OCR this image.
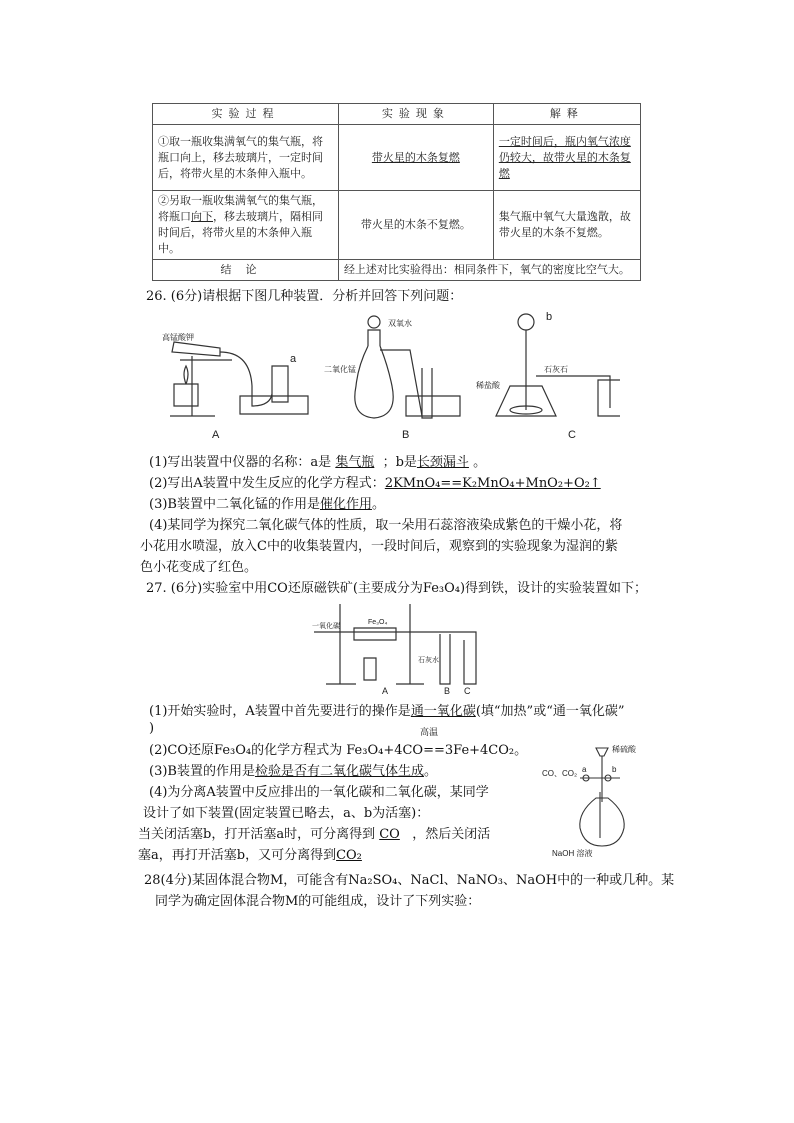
实验过程	实验现象	解释
①取一瓶收集满氧气的集气瓶，将瓶口向上，移去玻璃片，一定时间后，将带火星的木条伸入瓶中。	带火星的木条复燃	一定时间后，瓶内氧气浓度仍较大，故带火星的木条复燃
②另取一瓶收集满氧气的集气瓶，将瓶口向下，移去玻璃片，隔相同时间后，将带火星的木条伸入瓶中。	带火星的木条不复燃。	集气瓶中氧气大量逸散，故带火星的木条不复燃。
结论	经上述对比实验得出：相同条件下，氧气的密度比空气大。	
26. (6分)请根据下图几种装置．分析并回答下列问题：
高锰酸钾
a
二氧化锰
双氧水
稀盐酸
石灰石
b
A	B	C
(1)写出装置中仪器的名称：a是 集气瓶 ；b是长颈漏斗 。
(2)写出A装置中发生反应的化学方程式：2KMnO₄==K₂MnO₄+MnO₂+O₂↑
(3)B装置中二氧化锰的作用是催化作用。
(4)某同学为探究二氧化碳气体的性质，取一朵用石蕊溶液染成紫色的干燥小花，将
小花用水喷湿，放入C中的收集装置内，一段时间后，观察到的实验现象为湿润的紫
色小花变成了红色。
27. (6分)实验室中用CO还原磁铁矿(主要成分为Fe₃O₄)得到铁，设计的实验装置如下；
一氧化碳
Fe₃O₄
石灰水
A	B C
(1)开始实验时，A装置中首先要进行的操作是通一氧化碳(填“加热”或“通一氧化碳”
)	高温
(2)CO还原Fe₃O₄的化学方程式为 Fe₃O₄+4CO==3Fe+4CO₂。
(3)B装置的作用是检验是否有二氧化碳气体生成。
(4)为分离A装置中反应排出的一氧化碳和二氧化碳，某同学
设计了如下装置(固定装置已略去，a、b为活塞)：
当关闭活塞b，打开活塞a时，可分离得到 CO ，然后关闭活
塞a，再打开活塞b，又可分离得到CO₂
稀硫酸
CO、CO₂ a	b
NaOH 溶液
28(4分)某固体混合物M，可能含有Na₂SO₄、NaCl、NaNO₃、NaOH中的一种或几种。某
同学为确定固体混合物M的可能组成，设计了下列实验：
